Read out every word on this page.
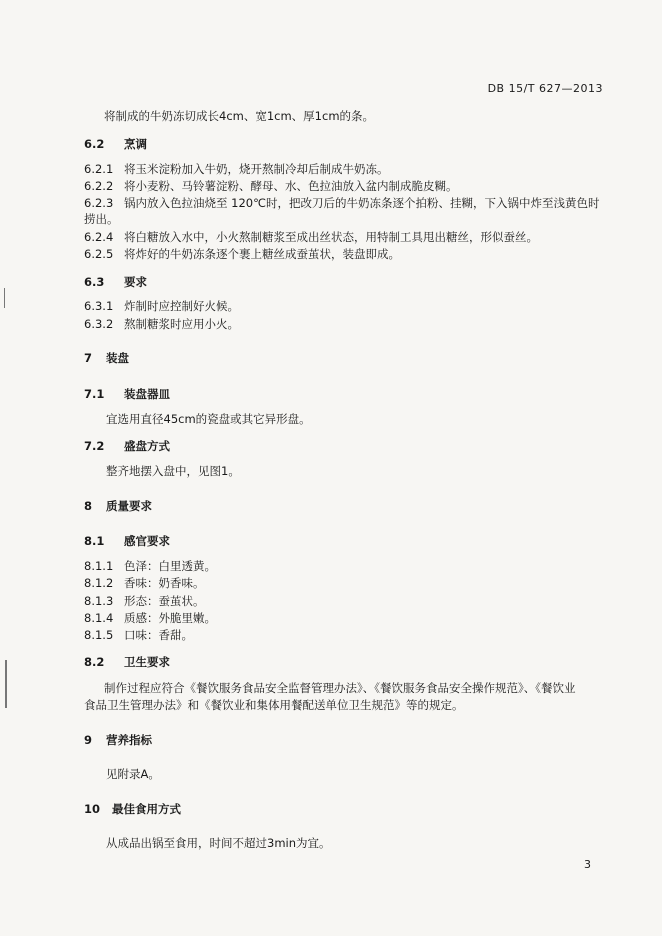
DB 15/T 627—2013
将制成的牛奶冻切成长4cm、宽1cm、厚1cm的条。
6.2 烹调
6.2.1 将玉米淀粉加入牛奶，烧开熬制冷却后制成牛奶冻。
6.2.2 将小麦粉、马铃薯淀粉、酵母、水、色拉油放入盆内制成脆皮糊。
6.2.3 锅内放入色拉油烧至 120℃时，把改刀后的牛奶冻条逐个拍粉、挂糊，下入锅中炸至浅黄色时
捞出。
6.2.4 将白糖放入水中，小火熬制糖浆至成出丝状态，用特制工具甩出糖丝，形似蚕丝。
6.2.5 将炸好的牛奶冻条逐个裹上糖丝成蚕茧状，装盘即成。
6.3 要求
6.3.1 炸制时应控制好火候。
6.3.2 熬制糖浆时应用小火。
7 装盘
7.1 装盘器皿
宜选用直径45cm的瓷盘或其它异形盘。
7.2 盛盘方式
整齐地摆入盘中，见图1。
8 质量要求
8.1 感官要求
8.1.1 色泽：白里透黄。
8.1.2 香味：奶香味。
8.1.3 形态：蚕茧状。
8.1.4 质感：外脆里嫩。
8.1.5 口味：香甜。
8.2 卫生要求
制作过程应符合《餐饮服务食品安全监督管理办法》、《餐饮服务食品安全操作规范》、《餐饮业
食品卫生管理办法》和《餐饮业和集体用餐配送单位卫生规范》等的规定。
9 营养指标
见附录A。
10 最佳食用方式
从成品出锅至食用，时间不超过3min为宜。
3
